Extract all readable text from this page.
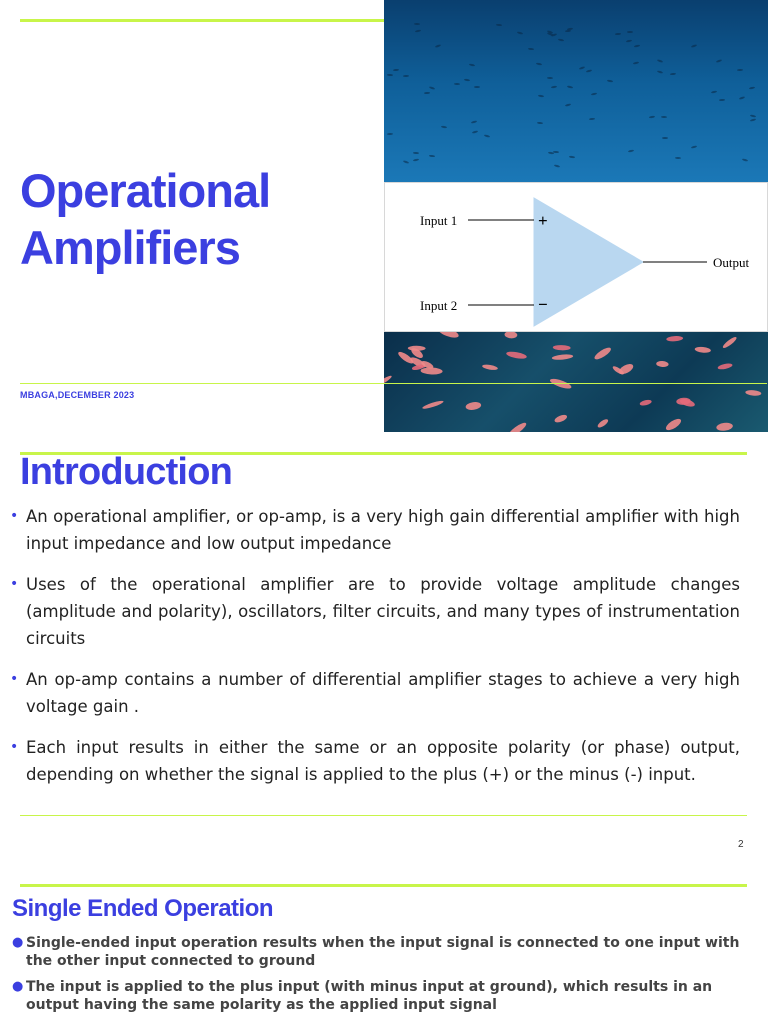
Input 1
Input 2
Output
+
−
Operational
Amplifiers
MBAGA,DECEMBER 2023
Introduction
• An operational amplifier, or op-amp, is a very high gain differential amplifier with high input impedance and low output impedance
• Uses of the operational amplifier are to provide voltage amplitude changes (amplitude and polarity), oscillators, filter circuits, and many types of instrumentation circuits
• An op-amp contains a number of differential amplifier stages to achieve a very high voltage gain .
• Each input results in either the same or an opposite polarity (or phase) output, depending on whether the signal is applied to the plus (+) or the minus (-) input.
2
Single Ended Operation
● Single-ended input operation results when the input signal is connected to one input with the other input connected to ground
● The input is applied to the plus input (with minus input at ground), which results in an output having the same polarity as the applied input signal
